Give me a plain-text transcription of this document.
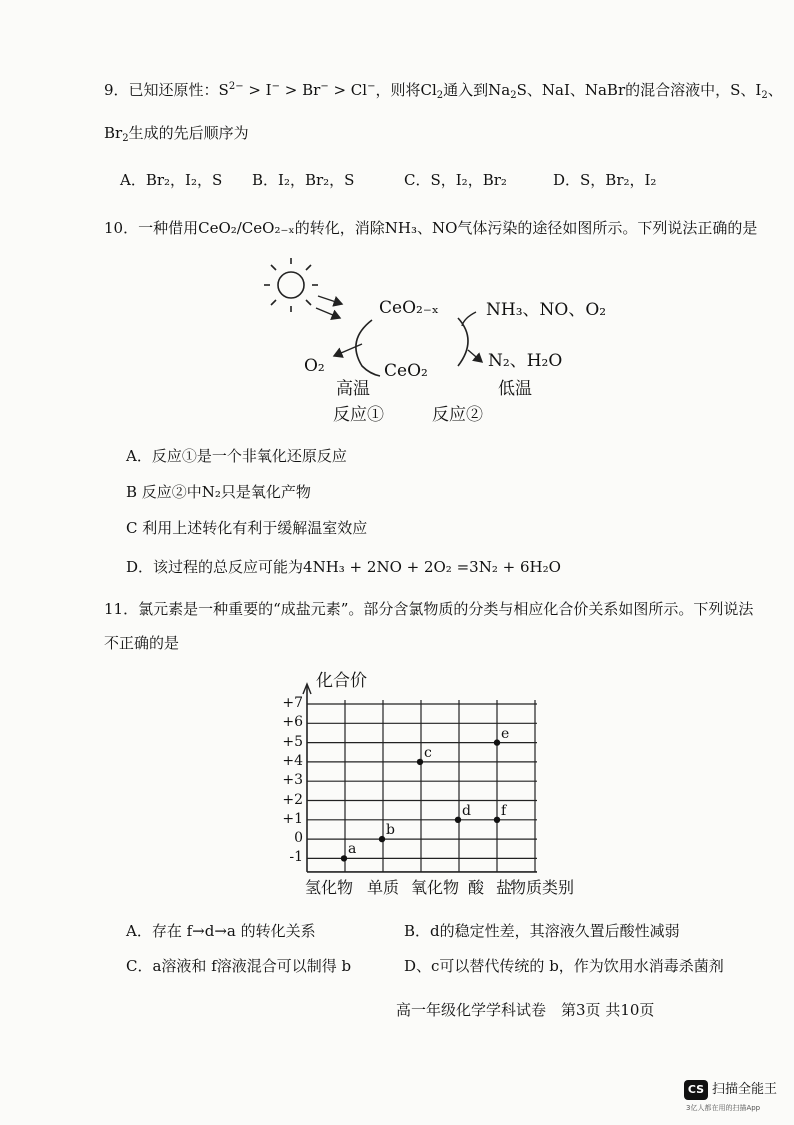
9．已知还原性：$S^{2-} > I^- > Br^- > Cl^-$，则将$Cl_2$通入到$Na_2S$、NaI、NaBr的混合溶液中，S、$I_2$、
$Br_2$生成的先后顺序为
A．Br₂，I₂，S B．I₂，Br₂，S	C．S，I₂，Br₂	D．S，Br₂，I₂
10．一种借用CeO₂/CeO₂₋ₓ的转化，消除NH₃、NO气体污染的途径如图所示。下列说法正确的是
CeO₂₋ₓ
CeO₂
NH₃、NO、O₂
N₂、H₂O
O₂
高温	低温
反应①	反应②
A．反应①是一个非氧化还原反应
B 反应②中N₂只是氧化产物
C 利用上述转化有利于缓解温室效应
D．该过程的总反应可能为4NH₃ + 2NO + 2O₂ =3N₂ + 6H₂O
11．氯元素是一种重要的“成盐元素”。部分含氯物质的分类与相应化合价关系如图所示。下列说法
不正确的是
化合价
物质类别
+7
+6
+5
+4
+3
+2
+1
0
-1
氢化物 单质 氧化物 酸 盐
a
b
c
d
e
f
A．存在 f→d→a 的转化关系	B．d的稳定性差，其溶液久置后酸性减弱
C．a溶液和 f溶液混合可以制得 b	D、c可以替代传统的 b，作为饮用水消毒杀菌剂
高一年级化学学科试卷　第3页 共10页
CS 扫描全能王
3亿人都在用的扫描App
